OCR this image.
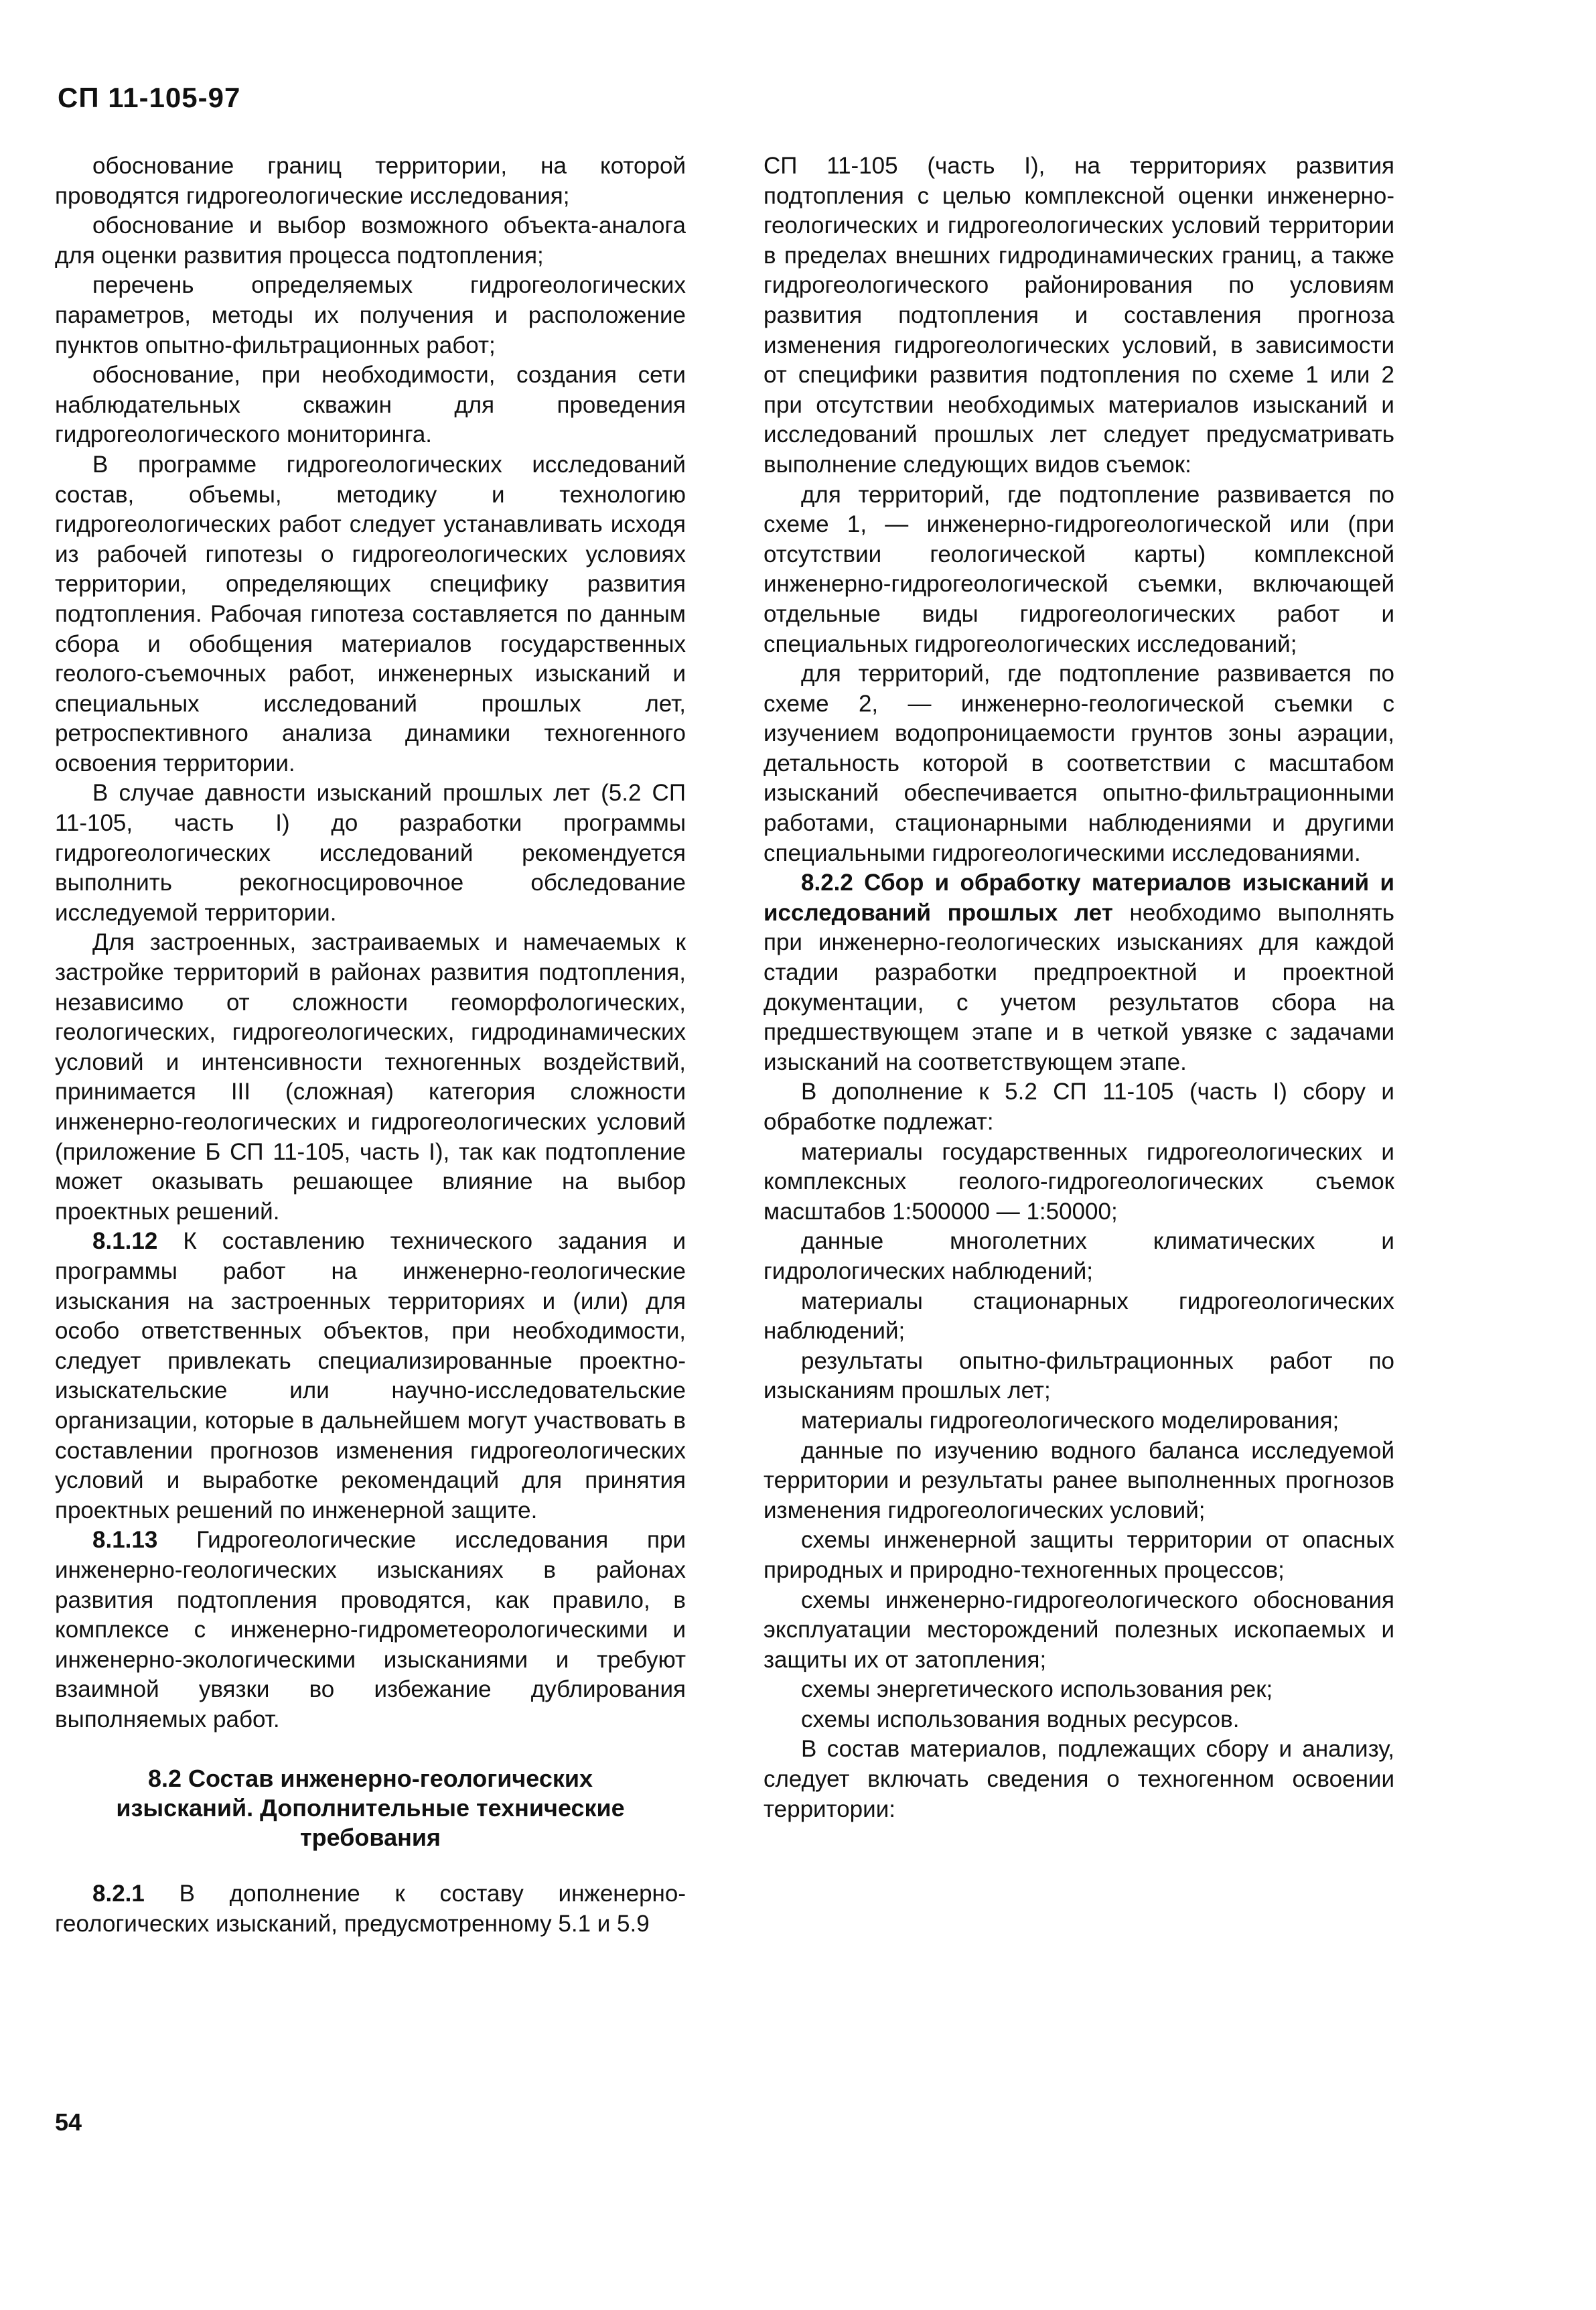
СП 11-105-97

обоснование границ территории, на которой проводятся гидрогеологические исследования;

обоснование и выбор возможного объекта-аналога для оценки развития процесса подтопления;

перечень определяемых гидрогеологических параметров, методы их получения и расположение пунктов опытно-фильтрационных работ;

обоснование, при необходимости, создания сети наблюдательных скважин для проведения гидрогеологического мониторинга.

В программе гидрогеологических исследований состав, объемы, методику и технологию гидрогеологических работ следует устанавливать исходя из рабочей гипотезы о гидрогеологических условиях территории, определяющих специфику развития подтопления. Рабочая гипотеза составляется по данным сбора и обобщения материалов государственных геолого-съемочных работ, инженерных изысканий и специальных исследований прошлых лет, ретроспективного анализа динамики техногенного освоения территории.

В случае давности изысканий прошлых лет (5.2 СП 11-105, часть I) до разработки программы гидрогеологических исследований рекомендуется выполнить рекогносцировочное обследование исследуемой территории.

Для застроенных, застраиваемых и намечаемых к застройке территорий в районах развития подтопления, независимо от сложности геоморфологических, геологических, гидрогеологических, гидродинамических условий и интенсивности техногенных воздействий, принимается III (сложная) категория сложности инженерно-геологических и гидрогеологических условий (приложение Б СП 11-105, часть I), так как подтопление может оказывать решающее влияние на выбор проектных решений.

8.1.12 К составлению технического задания и программы работ на инженерно-геологические изыскания на застроенных территориях и (или) для особо ответственных объектов, при необходимости, следует привлекать специализированные проектно-изыскательские или научно-исследовательские организации, которые в дальнейшем могут участвовать в составлении прогнозов изменения гидрогеологических условий и выработке рекомендаций для принятия проектных решений по инженерной защите.

8.1.13 Гидрогеологические исследования при инженерно-геологических изысканиях в районах развития подтопления проводятся, как правило, в комплексе с инженерно-гидрометеорологическими и инженерно-экологическими изысканиями и требуют взаимной увязки во избежание дублирования выполняемых работ.

8.2 Состав инженерно-геологических изысканий. Дополнительные технические требования

8.2.1 В дополнение к составу инженерно-геологических изысканий, предусмотренному 5.1 и 5.9

СП 11-105 (часть I), на территориях развития подтопления с целью комплексной оценки инженерно-геологических и гидрогеологических условий территории в пределах внешних гидродинамических границ, а также гидрогеологического районирования по условиям развития подтопления и составления прогноза изменения гидрогеологических условий, в зависимости от специфики развития подтопления по схеме 1 или 2 при отсутствии необходимых материалов изысканий и исследований прошлых лет следует предусматривать выполнение следующих видов съемок:

для территорий, где подтопление развивается по схеме 1, — инженерно-гидрогеологической или (при отсутствии геологической карты) комплексной инженерно-гидрогеологической съемки, включающей отдельные виды гидрогеологических работ и специальных гидрогеологических исследований;

для территорий, где подтопление развивается по схеме 2, — инженерно-геологической съемки с изучением водопроницаемости грунтов зоны аэрации, детальность которой в соответствии с масштабом изысканий обеспечивается опытно-фильтрационными работами, стационарными наблюдениями и другими специальными гидрогеологическими исследованиями.

8.2.2 Сбор и обработку материалов изысканий и исследований прошлых лет необходимо выполнять при инженерно-геологических изысканиях для каждой стадии разработки предпроектной и проектной документации, с учетом результатов сбора на предшествующем этапе и в четкой увязке с задачами изысканий на соответствующем этапе.

В дополнение к 5.2 СП 11-105 (часть I) сбору и обработке подлежат:

материалы государственных гидрогеологических и комплексных геолого-гидрогеологических съемок масштабов 1:500000 — 1:50000;

данные многолетних климатических и гидрологических наблюдений;

материалы стационарных гидрогеологических наблюдений;

результаты опытно-фильтрационных работ по изысканиям прошлых лет;

материалы гидрогеологического моделирования;

данные по изучению водного баланса исследуемой территории и результаты ранее выполненных прогнозов изменения гидрогеологических условий;

схемы инженерной защиты территории от опасных природных и природно-техногенных процессов;

схемы инженерно-гидрогеологического обоснования эксплуатации месторождений полезных ископаемых и защиты их от затопления;

схемы энергетического использования рек;

схемы использования водных ресурсов.

В состав материалов, подлежащих сбору и анализу, следует включать сведения о техногенном освоении территории:

54
